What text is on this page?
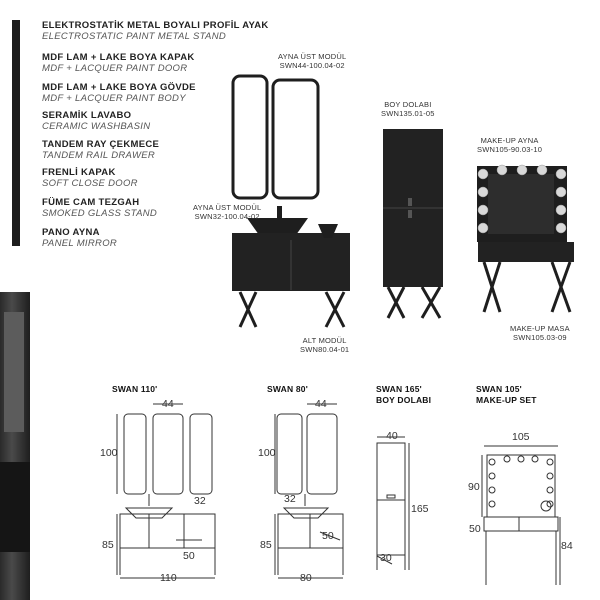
ELEKTROSTATİK METAL BOYALI PROFİL AYAK
ELECTROSTATIC PAINT METAL STAND
MDF LAM + LAKE BOYA KAPAK
MDF + LACQUER PAINT DOOR
MDF LAM + LAKE BOYA GÖVDE
MDF + LACQUER PAINT BODY
SERAMİK LAVABO
CERAMIC WASHBASIN
TANDEM RAY ÇEKMECE
TANDEM RAIL DRAWER
FRENLİ KAPAK
SOFT CLOSE DOOR
FÜME CAM TEZGAH
SMOKED GLASS STAND
PANO AYNA
PANEL MIRROR
AYNA ÜST MODÜL
SWN44-100.04-02
AYNA ÜST MODÜL
SWN32-100.04-02
BOY DOLABI
SWN135.01-05
MAKE-UP AYNA
SWN105-90.03-10
MAKE-UP MASA
SWN105.03-09
ALT MODÜL
SWN80.04-01
SWAN 110'	SWAN 80'	SWAN 165'
BOY DOLABI
SWAN 105'
MAKE-UP SET
44
100
32
85
50
110
44
100
32
85
50
80
40
165
30
105
90
50
84
